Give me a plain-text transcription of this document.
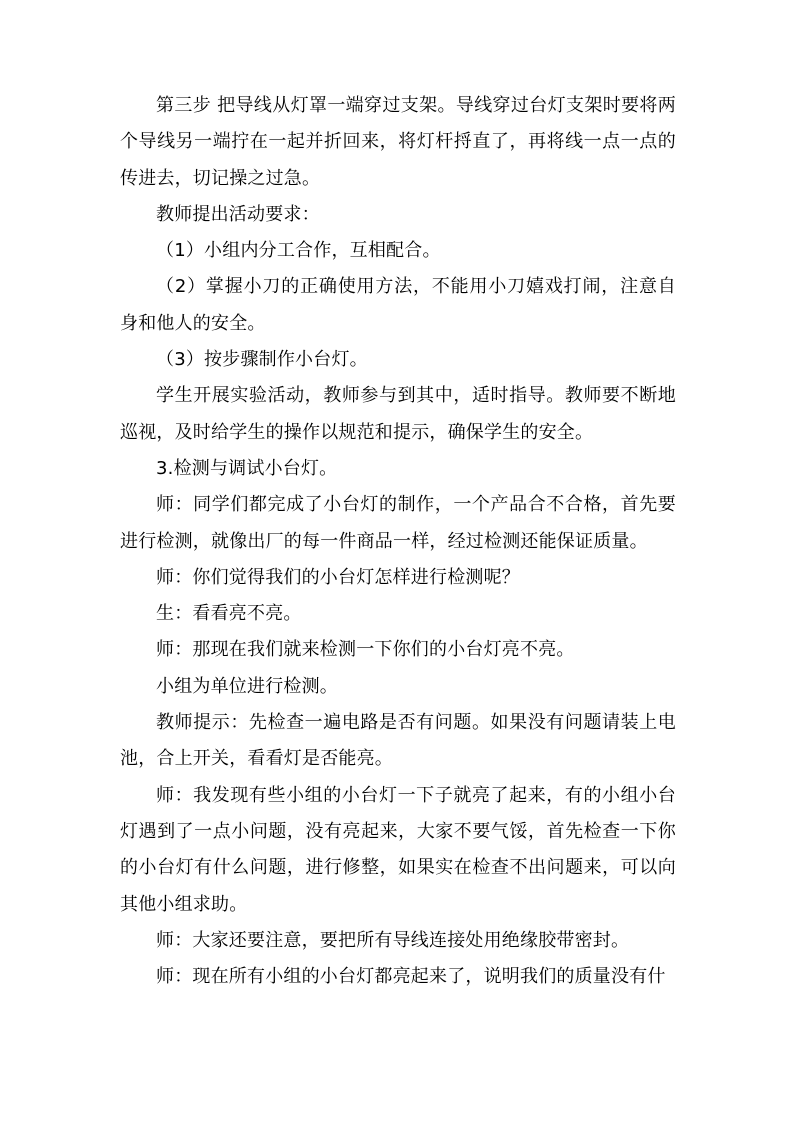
第三步 把导线从灯罩一端穿过支架。导线穿过台灯支架时要将两个导线另一端拧在一起并折回来，将灯杆捋直了，再将线一点一点的传进去，切记操之过急。

教师提出活动要求：

（1）小组内分工合作，互相配合。

（2）掌握小刀的正确使用方法，不能用小刀嬉戏打闹，注意自身和他人的安全。

（3）按步骤制作小台灯。

学生开展实验活动，教师参与到其中，适时指导。教师要不断地巡视，及时给学生的操作以规范和提示，确保学生的安全。

3.检测与调试小台灯。

师：同学们都完成了小台灯的制作，一个产品合不合格，首先要进行检测，就像出厂的每一件商品一样，经过检测还能保证质量。

师：你们觉得我们的小台灯怎样进行检测呢？

生：看看亮不亮。

师：那现在我们就来检测一下你们的小台灯亮不亮。

小组为单位进行检测。

教师提示：先检查一遍电路是否有问题。如果没有问题请装上电池，合上开关，看看灯是否能亮。

师：我发现有些小组的小台灯一下子就亮了起来，有的小组小台灯遇到了一点小问题，没有亮起来，大家不要气馁，首先检查一下你的小台灯有什么问题，进行修整，如果实在检查不出问题来，可以向其他小组求助。

师：大家还要注意，要把所有导线连接处用绝缘胶带密封。

师：现在所有小组的小台灯都亮起来了，说明我们的质量没有什
